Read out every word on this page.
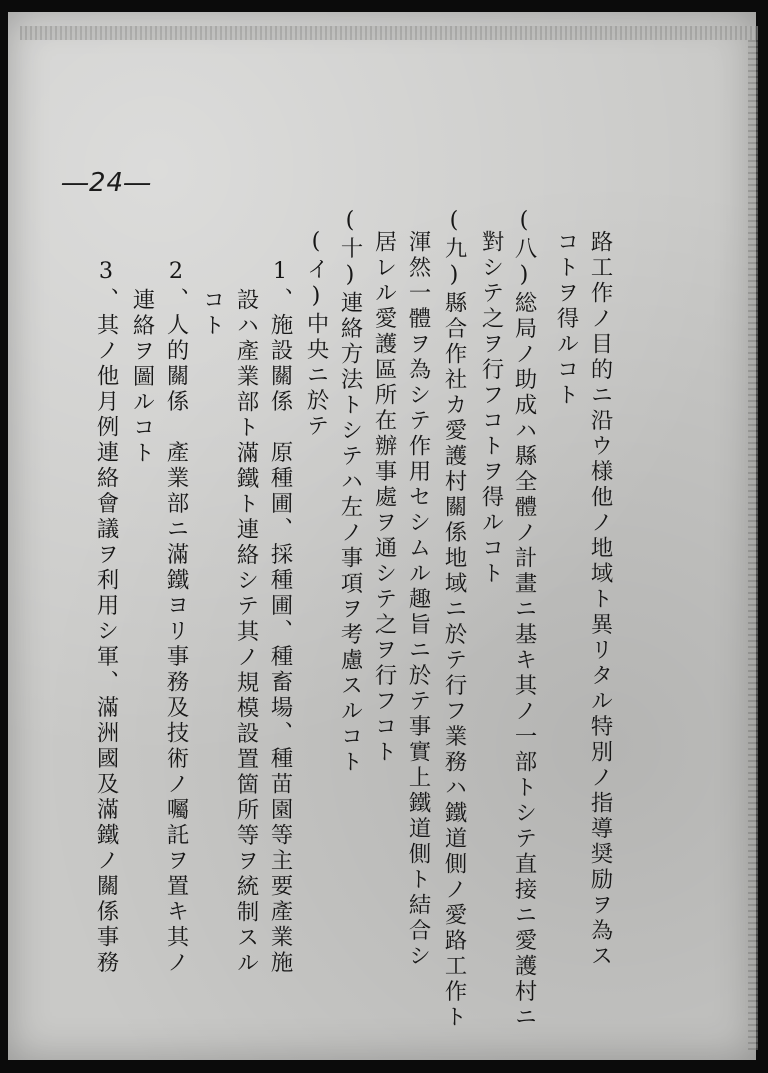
―24―
路工作ノ目的ニ沿ウ様他ノ地域ト異リタル特別ノ指導奨励ヲ為ス
コトヲ得ルコト
(八)総局ノ助成ハ縣全體ノ計畫ニ基キ其ノ一部トシテ直接ニ愛護村ニ
對シテ之ヲ行フコトヲ得ルコト
(九)縣合作社カ愛護村關係地域ニ於テ行フ業務ハ鐵道側ノ愛路工作ト
渾然一體ヲ為シテ作用セシムル趣旨ニ於テ事實上鐵道側ト結合シ
居レル愛護區所在辦事處ヲ通シテ之ヲ行フコト
(十)連絡方法トシテハ左ノ事項ヲ考慮スルコト
(イ)中央ニ於テ
1、施設關係　原種圃、採種圃、種畜場、種苗園等主要產業施
設ハ產業部ト滿鐵ト連絡シテ其ノ規模設置箇所等ヲ統制スル
コト
2、人的關係　產業部ニ滿鐵ヨリ事務及技術ノ囑託ヲ置キ其ノ
連絡ヲ圖ルコト
3、其ノ他月例連絡會議ヲ利用シ軍、滿洲國及滿鐵ノ關係事務
